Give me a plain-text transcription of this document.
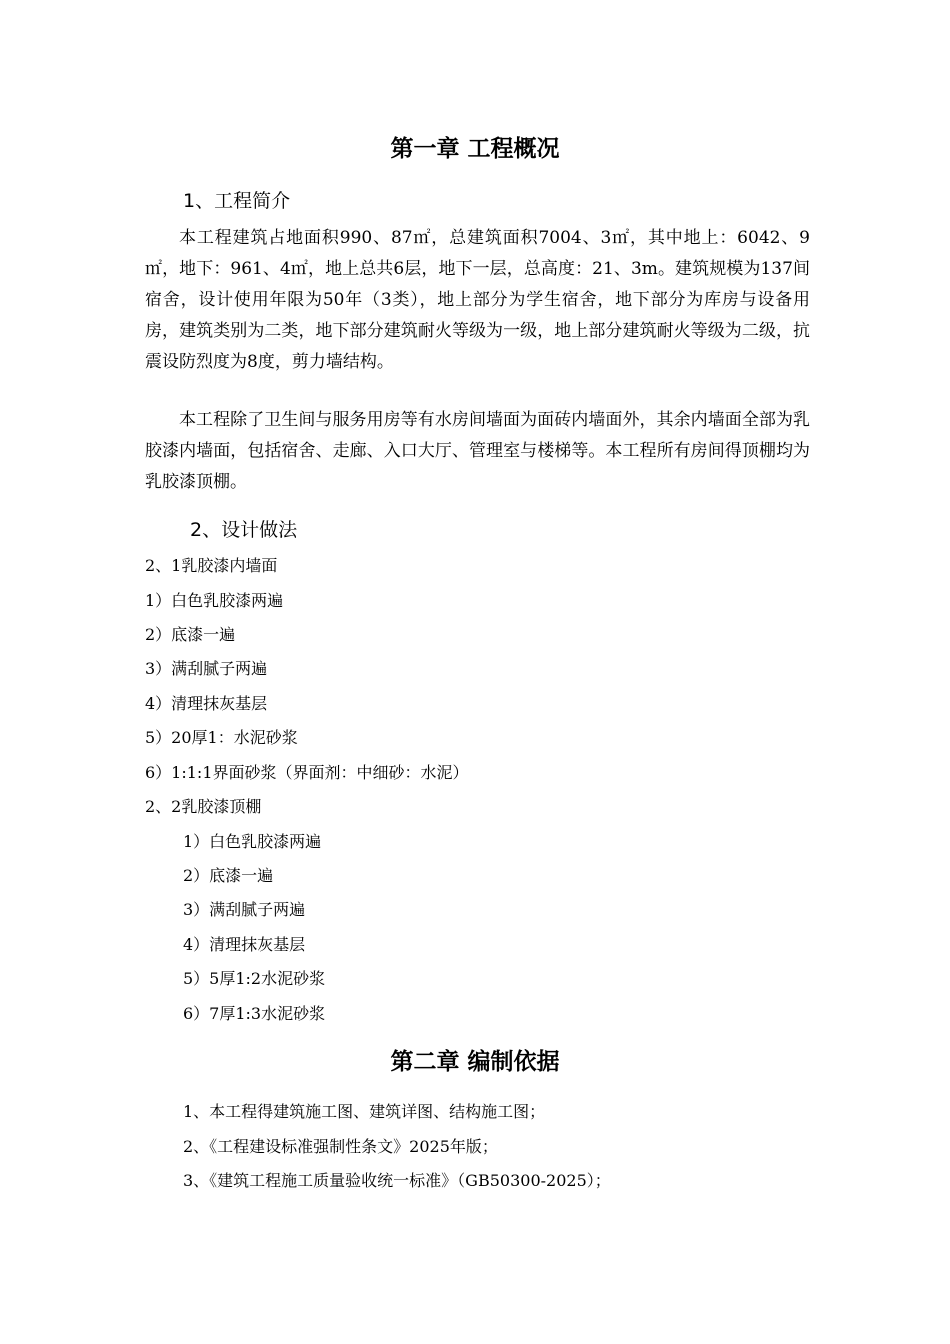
第一章 工程概况
1、工程简介

本工程建筑占地面积990、87㎡，总建筑面积7004、3㎡，其中地上：6042、9㎡，地下：961、4㎡，地上总共6层，地下一层，总高度：21、3m。建筑规模为137间宿舍，设计使用年限为50年（3类），地上部分为学生宿舍，地下部分为库房与设备用房，建筑类别为二类，地下部分建筑耐火等级为一级，地上部分建筑耐火等级为二级，抗震设防烈度为8度，剪力墙结构。

本工程除了卫生间与服务用房等有水房间墙面为面砖内墙面外，其余内墙面全部为乳胶漆内墙面，包括宿舍、走廊、入口大厅、管理室与楼梯等。本工程所有房间得顶棚均为乳胶漆顶棚。

2、设计做法
2、1乳胶漆内墙面
1）白色乳胶漆两遍
2）底漆一遍
3）满刮腻子两遍
4）清理抹灰基层
5）20厚1：水泥砂浆
6）1:1:1界面砂浆（界面剂：中细砂：水泥）
2、2乳胶漆顶棚
1）白色乳胶漆两遍
2）底漆一遍
3）满刮腻子两遍
4）清理抹灰基层
5）5厚1:2水泥砂浆
6）7厚1:3水泥砂浆
第二章 编制依据
1、本工程得建筑施工图、建筑详图、结构施工图；
2、《工程建设标准强制性条文》2025年版；
3、《建筑工程施工质量验收统一标准》（GB50300-2025）；
